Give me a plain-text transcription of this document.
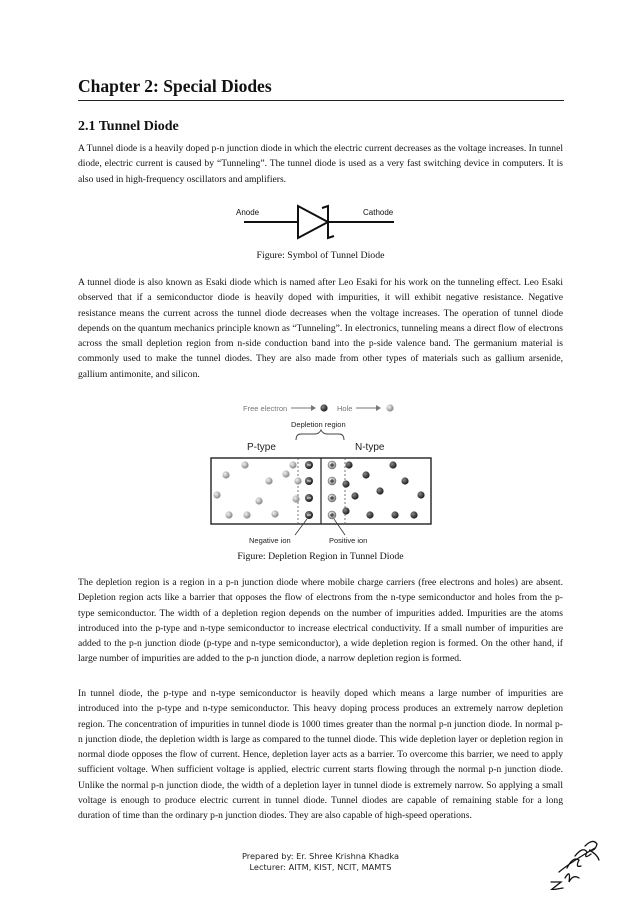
Chapter 2: Special Diodes
2.1 Tunnel Diode

A Tunnel diode is a heavily doped p-n junction diode in which the electric current decreases as the voltage increases. In tunnel diode, electric current is caused by “Tunneling”. The tunnel diode is used as a very fast switching device in computers. It is also used in high-frequency oscillators and amplifiers.

Anode	Cathode

Figure: Symbol of Tunnel Diode

A tunnel diode is also known as Esaki diode which is named after Leo Esaki for his work on the tunneling effect. Leo Esaki observed that if a semiconductor diode is heavily doped with impurities, it will exhibit negative resistance. Negative resistance means the current across the tunnel diode decreases when the voltage increases. The operation of tunnel diode depends on the quantum mechanics principle known as “Tunneling”. In electronics, tunneling means a direct flow of electrons across the small depletion region from n-side conduction band into the p-side valence band. The germanium material is commonly used to make the tunnel diodes. They are also made from other types of materials such as gallium arsenide, gallium antimonite, and silicon.

Free electron	Hole
Depletion region
P-type	N-type
Negative ion	Positive ion

Figure: Depletion Region in Tunnel Diode

The depletion region is a region in a p-n junction diode where mobile charge carriers (free electrons and holes) are absent. Depletion region acts like a barrier that opposes the flow of electrons from the n-type semiconductor and holes from the p-type semiconductor. The width of a depletion region depends on the number of impurities added. Impurities are the atoms introduced into the p-type and n-type semiconductor to increase electrical conductivity. If a small number of impurities are added to the p-n junction diode (p-type and n-type semiconductor), a wide depletion region is formed. On the other hand, if large number of impurities are added to the p-n junction diode, a narrow depletion region is formed.

In tunnel diode, the p-type and n-type semiconductor is heavily doped which means a large number of impurities are introduced into the p-type and n-type semiconductor. This heavy doping process produces an extremely narrow depletion region. The concentration of impurities in tunnel diode is 1000 times greater than the normal p-n junction diode. In normal p-n junction diode, the depletion width is large as compared to the tunnel diode. This wide depletion layer or depletion region in normal diode opposes the flow of current. Hence, depletion layer acts as a barrier. To overcome this barrier, we need to apply sufficient voltage. When sufficient voltage is applied, electric current starts flowing through the normal p-n junction diode. Unlike the normal p-n junction diode, the width of a depletion layer in tunnel diode is extremely narrow. So applying a small voltage is enough to produce electric current in tunnel diode. Tunnel diodes are capable of remaining stable for a long duration of time than the ordinary p-n junction diodes. They are also capable of high-speed operations.

Prepared by: Er. Shree Krishna Khadka
Lecturer: AITM, KIST, NCIT, MAMTS
